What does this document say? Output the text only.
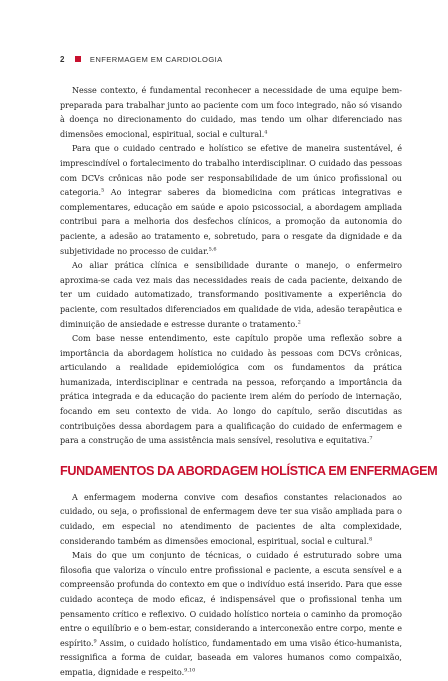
2	ENFERMAGEM EM CARDIOLOGIA

Nesse contexto, é fundamental reconhecer a necessidade de uma equipe bem-preparada para trabalhar junto ao paciente com um foco integrado, não só visando à doença no direcionamento do cuidado, mas tendo um olhar diferenciado nas dimensões emocional, espiritual, social e cultural.$^4$

Para que o cuidado centrado e holístico se efetive de maneira sustentável, é imprescindível o fortalecimento do trabalho interdisciplinar. O cuidado das pessoas com DCVs crônicas não pode ser responsabilidade de um único profissional ou categoria.$^5$ Ao integrar saberes da biomedicina com práticas integrativas e complementares, educação em saúde e apoio psicossocial, a abordagem ampliada contribui para a melhoria dos desfechos clínicos, a promoção da autonomia do paciente, a adesão ao tratamento e, sobretudo, para o resgate da dignidade e da subjetividade no processo de cuidar.$^{5,6}$

Ao aliar prática clínica e sensibilidade durante o manejo, o enfermeiro aproxima-se cada vez mais das necessidades reais de cada paciente, deixando de ter um cuidado automatizado, transformando positivamente a experiência do paciente, com resultados diferenciados em qualidade de vida, adesão terapêutica e diminuição de ansiedade e estresse durante o tratamento.$^2$

Com base nesse entendimento, este capítulo propõe uma reflexão sobre a importância da abordagem holística no cuidado às pessoas com DCVs crônicas, articulando a realidade epidemiológica com os fundamentos da prática humanizada, interdisciplinar e centrada na pessoa, reforçando a importância da prática integrada e da educação do paciente irem além do período de internação, focando em seu contexto de vida. Ao longo do capítulo, serão discutidas as contribuições dessa abordagem para a qualificação do cuidado de enfermagem e para a construção de uma assistência mais sensível, resolutiva e equitativa.$^7$

FUNDAMENTOS DA ABORDAGEM HOLÍSTICA EM ENFERMAGEM

A enfermagem moderna convive com desafios constantes relacionados ao cuidado, ou seja, o profissional de enfermagem deve ter sua visão ampliada para o cuidado, em especial no atendimento de pacientes de alta complexidade, considerando também as dimensões emocional, espiritual, social e cultural.$^8$

Mais do que um conjunto de técnicas, o cuidado é estruturado sobre uma filosofia que valoriza o vínculo entre profissional e paciente, a escuta sensível e a compreensão profunda do contexto em que o indivíduo está inserido. Para que esse cuidado aconteça de modo eficaz, é indispensável que o profissional tenha um pensamento crítico e reflexivo. O cuidado holístico norteia o caminho da promoção entre o equilíbrio e o bem-estar, considerando a interconexão entre corpo, mente e espírito.$^9$ Assim, o cuidado holístico, fundamentado em uma visão ético-humanista, ressignifica a forma de cuidar, baseada em valores humanos como compaixão, empatia, dignidade e respeito.$^{9,10}$
